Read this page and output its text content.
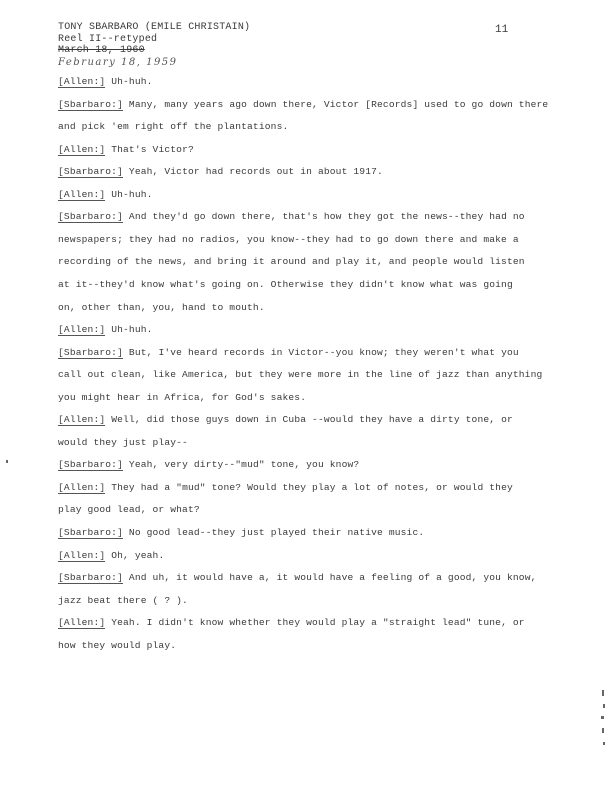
TONY SBARBARO (EMILE CHRISTAIN)	11
Reel II--retyped
March 18, 1960
February 18, 1959
[Allen:] Uh-huh.
[Sbarbaro:] Many, many years ago down there, Victor [Records] used to go down there
and pick 'em right off the plantations.
[Allen:] That's Victor?
[Sbarbaro:] Yeah, Victor had records out in about 1917.
[Allen:] Uh-huh.
[Sbarbaro:] And they'd go down there, that's how they got the news--they had no
newspapers; they had no radios, you know--they had to go down there and make a
recording of the news, and bring it around and play it, and people would listen
at it--they'd know what's going on. Otherwise they didn't know what was going
on, other than, you, hand to mouth.
[Allen:] Uh-huh.
[Sbarbaro:] But, I've heard records in Victor--you know; they weren't what you
call out clean, like America, but they were more in the line of jazz than anything
you might hear in Africa, for God's sakes.
[Allen:] Well, did those guys down in Cuba --would they have a dirty tone, or
would they just play--
[Sbarbaro:] Yeah, very dirty--"mud" tone, you know?
[Allen:] They had a "mud" tone? Would they play a lot of notes, or would they
play good lead, or what?
[Sbarbaro:] No good lead--they just played their native music.
[Allen:] Oh, yeah.
[Sbarbaro:] And uh, it would have a, it would have a feeling of a good, you know,
jazz beat there ( ? ).
[Allen:] Yeah. I didn't know whether they would play a "straight lead" tune, or
how they would play.
